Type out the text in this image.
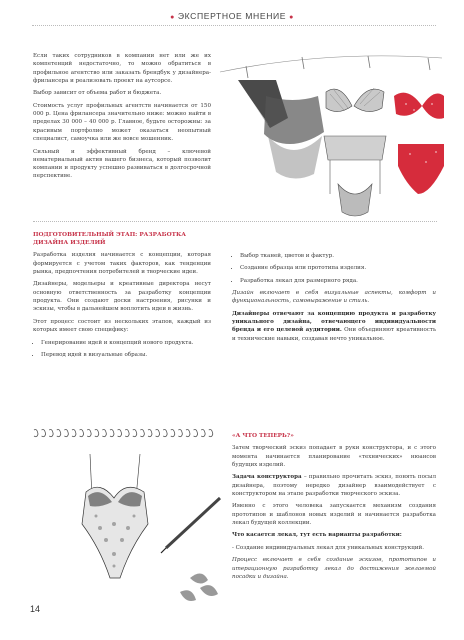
● ЭКСПЕРТНОЕ МНЕНИЕ ●

Если таких сотрудников в компании нет или же их компетенций недостаточно, то можно обратиться в профильное агентство или заказать брендбук у дизайнера-фрилансера и реализовать проект на аутсорсе.

Выбор зависит от объема работ и бюджета.

Стоимость услуг профильных агентств начинается от 150 000 р. Цена фрилансера значительно ниже: можно найти в пределах 30 000 – 40 000 р. Главное, будьте осторожны: за красивым портфолио может оказаться неопытный специалист, самоучка или же вовсе мошенник.

Сильный и эффективный бренд – ключевой нематериальный актив вашего бизнеса, который позволит компании и продукту успешно развиваться в долгосрочной перспективе.

ПОДГОТОВИТЕЛЬНЫЙ ЭТАП: РАЗРАБОТКА ДИЗАЙНА ИЗДЕЛИЙ

Разработка изделия начинается с концепции, которая формируется с учетом таких факторов, как тенденции рынка, предпочтения потребителей и творческие идеи.

Дизайнеры, модельеры и креативные директора несут основную ответственность за разработку концепции продукта. Они создают доски настроения, рисунки и эскизы, чтобы в дальнейшем воплотить идеи в жизнь.

Этот процесс состоит из нескольких этапов, каждый из которых имеет свою специфику:

• Генерирование идей и концепций нового продукта.
• Перевод идей в визуальные образы.
• Выбор тканей, цветов и фактур.
• Создание образца или прототипа изделия.
• Разработка лекал для размерного ряда.

Дизайн включает в себя визуальные аспекты, комфорт и функциональность, самовыражение и стиль.

Дизайнеры отвечают за концепцию продукта и разработку уникального дизайна, отвечающего индивидуальности бренда и его целевой аудитории. Они объединяют креативность и технические навыки, создавая нечто уникальное.

«А ЧТО ТЕПЕРЬ?»

Затем творческий эскиз попадает в руки конструктора, и с этого момента начинается планирование «технических» нюансов будущих изделий.

Задача конструктора – правильно прочитать эскиз, понять посыл дизайнера, поэтому нередко дизайнер взаимодействует с конструктором на этапе разработки творческого эскиза.

Именно с этого человека запускается механизм создания прототипов и шаблонов новых изделий и начинается разработка лекал будущей коллекции.

Что касается лекал, тут есть варианты разработки:

- Создание индивидуальных лекал для уникальных конструкций.

Процесс включает в себя создание эскизов, прототипов и итерационную разработку лекал до достижения желаемой посадки и дизайна.

14
